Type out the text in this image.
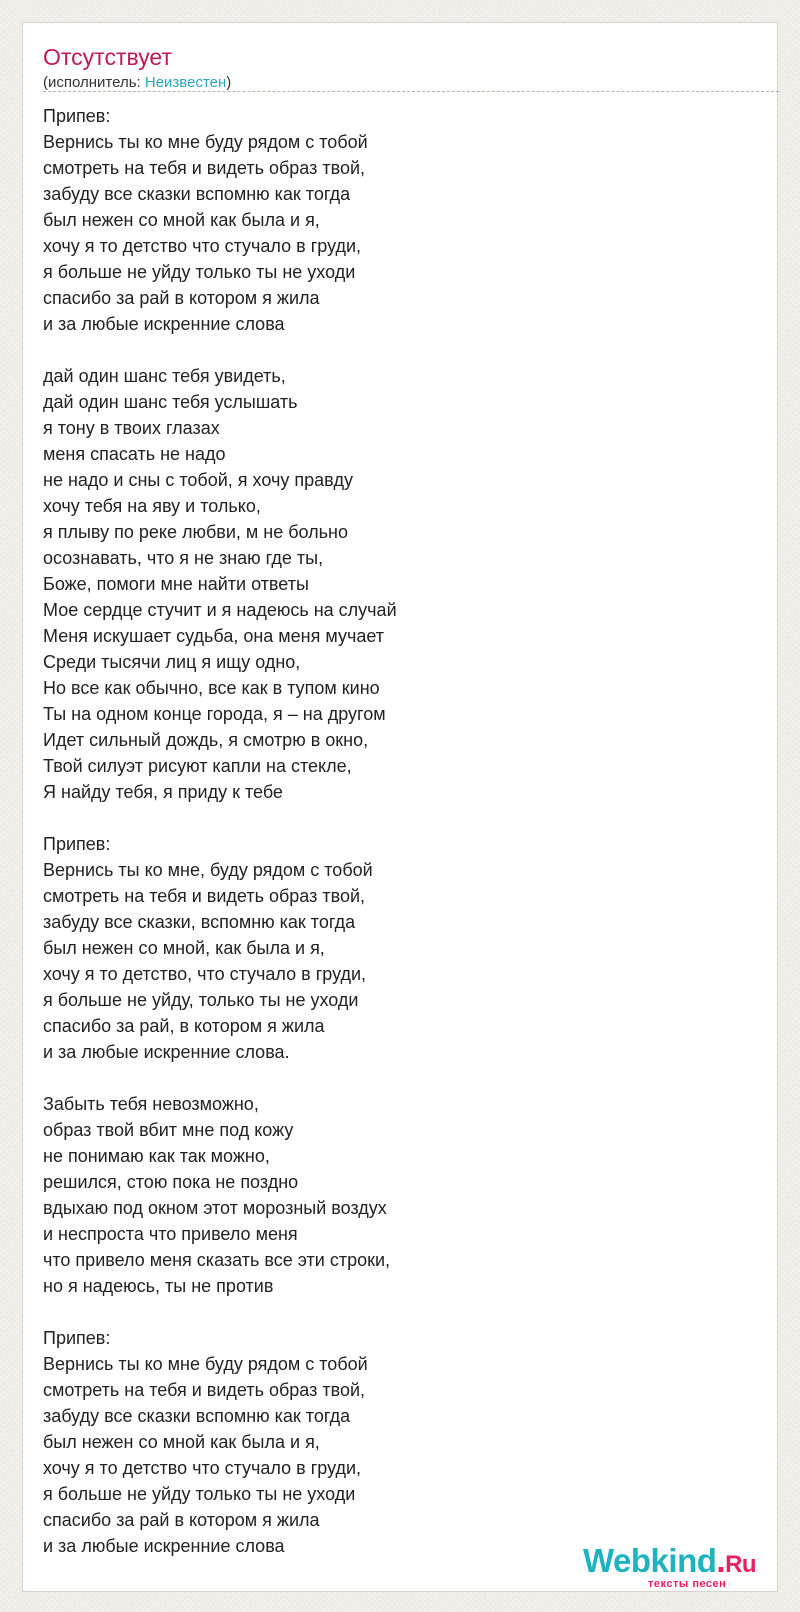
Отсутствует
(исполнитель: Неизвестен)
Припев:
Вернись ты ко мне буду рядом с тобой
смотреть на тебя и видеть образ твой,
забуду все сказки вспомню как тогда
был нежен со мной как была и я,
хочу я то детство что стучало в груди,
я больше не уйду только ты не уходи
спасибо за рай в котором я жила
и за любые искренние слова
дай один шанс тебя увидеть,
дай один шанс тебя услышать
я тону в твоих глазах
меня спасать не надо
не надо и сны с тобой, я хочу правду
хочу тебя на яву и только,
я плыву по реке любви, м не больно
осознавать, что я не знаю где ты,
Боже, помоги мне найти ответы
Мое сердце стучит и я надеюсь на случай
Меня искушает судьба, она меня мучает
Среди тысячи лиц я ищу одно,
Но все как обычно, все как в тупом кино
Ты на одном конце города, я – на другом
Идет сильный дождь, я смотрю в окно,
Твой силуэт рисуют капли на стекле,
Я найду тебя, я приду к тебе
Припев:
Вернись ты ко мне, буду рядом с тобой
смотреть на тебя и видеть образ твой,
забуду все сказки, вспомню как тогда
был нежен со мной, как была и я,
хочу я то детство, что стучало в груди,
я больше не уйду, только ты не уходи
спасибо за рай, в котором я жила
и за любые искренние слова.
Забыть тебя невозможно,
образ твой вбит мне под кожу
не понимаю как так можно,
решился, стою пока не поздно
вдыхаю под окном этот морозный воздух
и неспроста что привело меня
что привело меня сказать все эти строки,
но я надеюсь, ты не против
Припев:
Вернись ты ко мне буду рядом с тобой
смотреть на тебя и видеть образ твой,
забуду все сказки вспомню как тогда
был нежен со мной как была и я,
хочу я то детство что стучало в груди,
я больше не уйду только ты не уходи
спасибо за рай в котором я жила
и за любые искренние слова	Webkind.Ru
тексты песен
